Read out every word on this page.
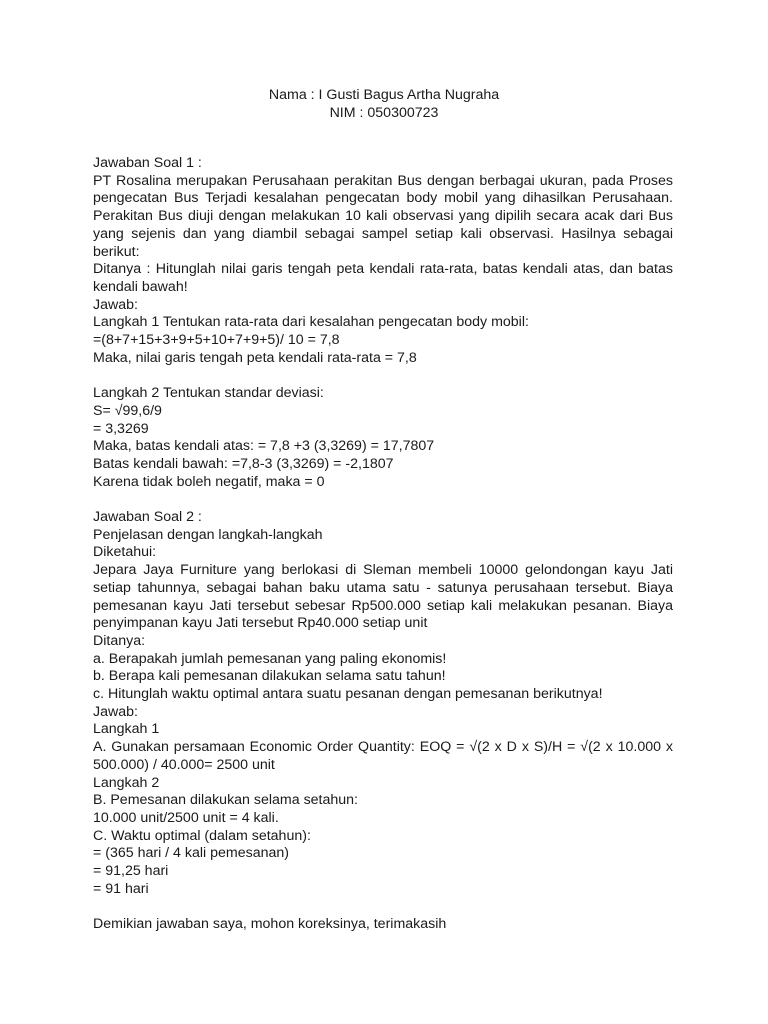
Nama : I Gusti Bagus Artha Nugraha

NIM : 050300723

Jawaban Soal 1 :

PT Rosalina merupakan Perusahaan perakitan Bus dengan berbagai ukuran, pada Proses pengecatan Bus Terjadi kesalahan pengecatan body mobil yang dihasilkan Perusahaan. Perakitan Bus diuji dengan melakukan 10 kali observasi yang dipilih secara acak dari Bus yang sejenis dan yang diambil sebagai sampel setiap kali observasi. Hasilnya sebagai berikut:

Ditanya : Hitunglah nilai garis tengah peta kendali rata-rata, batas kendali atas, dan batas kendali bawah!

Jawab:

Langkah 1 Tentukan rata-rata dari kesalahan pengecatan body mobil:

=(8+7+15+3+9+5+10+7+9+5)/ 10 = 7,8

Maka, nilai garis tengah peta kendali rata-rata = 7,8

Langkah 2 Tentukan standar deviasi:

S= √99,6/9

= 3,3269

Maka, batas kendali atas: = 7,8 +3 (3,3269) = 17,7807

Batas kendali bawah: =7,8-3 (3,3269) = -2,1807

Karena tidak boleh negatif, maka = 0

Jawaban Soal 2 :

Penjelasan dengan langkah-langkah

Diketahui:

Jepara Jaya Furniture yang berlokasi di Sleman membeli 10000 gelondongan kayu Jati setiap tahunnya, sebagai bahan baku utama satu - satunya perusahaan tersebut. Biaya pemesanan kayu Jati tersebut sebesar Rp500.000 setiap kali melakukan pesanan. Biaya penyimpanan kayu Jati tersebut Rp40.000 setiap unit

Ditanya:

a. Berapakah jumlah pemesanan yang paling ekonomis!

b. Berapa kali pemesanan dilakukan selama satu tahun!

c. Hitunglah waktu optimal antara suatu pesanan dengan pemesanan berikutnya!

Jawab:

Langkah 1

A. Gunakan persamaan Economic Order Quantity: EOQ = √(2 x D x S)/H = √(2 x 10.000 x 500.000) / 40.000= 2500 unit

Langkah 2

B. Pemesanan dilakukan selama setahun:

10.000 unit/2500 unit = 4 kali.

C. Waktu optimal (dalam setahun):

= (365 hari / 4 kali pemesanan)

= 91,25 hari

= 91 hari

Demikian jawaban saya, mohon koreksinya, terimakasih
